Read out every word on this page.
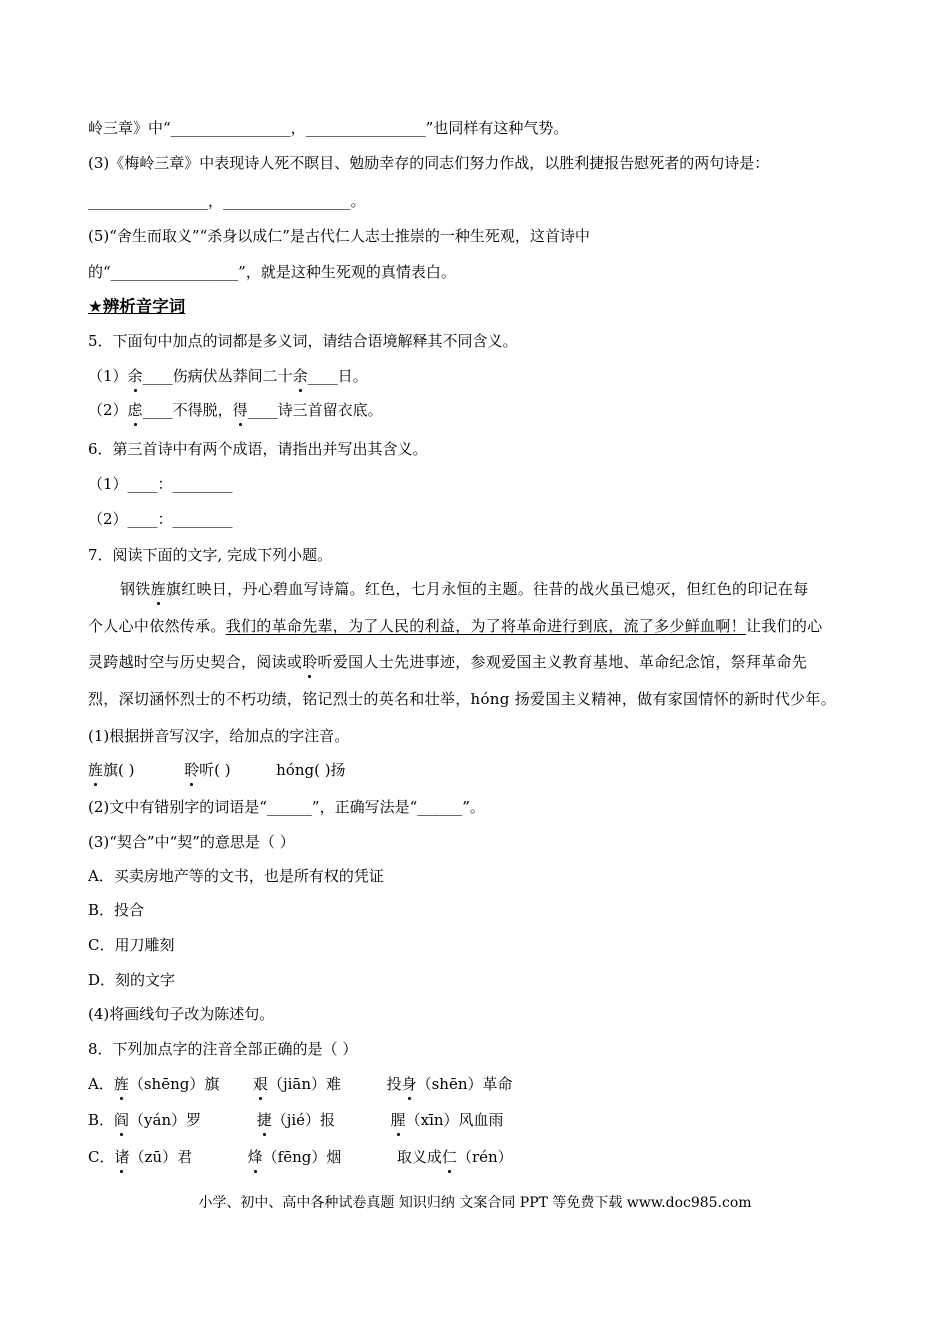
岭三章》中“________________，________________”也同样有这种气势。
(3)《梅岭三章》中表现诗人死不瞑目、勉励幸存的同志们努力作战，以胜利捷报告慰死者的两句诗是：
________________，_________________。
(5)“舍生而取义”“杀身以成仁”是古代仁人志士推崇的一种生死观，这首诗中
的“_________________”，就是这种生死观的真情表白。
★辨析音字词
5．下面句中加点的词都是多义词，请结合语境解释其不同含义。
（1）余____伤病伏丛莽间二十余____日。
（2）虑____不得脱，得____诗三首留衣底。
6．第三首诗中有两个成语，请指出并写出其含义。
（1）____：________
（2）____：________
7．阅读下面的文字, 完成下列小题。
钢铁旌旗红映日，丹心碧血写诗篇。红色，七月永恒的主题。往昔的战火虽已熄灭，但红色的印记在每
个人心中依然传承。我们的革命先辈，为了人民的利益，为了将革命进行到底，流了多少鲜血啊！让我们的心
灵跨越时空与历史契合，阅读或聆听爱国人士先进事迹，参观爱国主义教育基地、革命纪念馆，祭拜革命先
烈，深切涵怀烈士的不朽功绩，铭记烈士的英名和壮举，hóng 扬爱国主义精神，做有家国情怀的新时代少年。
(1)根据拼音写汉字，给加点的字注音。
旌旗( )	聆听( )	hóng( )扬
(2)文中有错别字的词语是“______”，正确写法是“______”。
(3)“契合”中“契”的意思是（ ）
A．买卖房地产等的文书，也是所有权的凭证
B．投合
C．用刀雕刻
D．刻的文字
(4)将画线句子改为陈述句。
8．下列加点字的注音全部正确的是（ ）
A．旌（shēng）旗 艰（jiān）难	投身（shēn）革命
B．阎（yán）罗	捷（jié）报	腥（xīn）风血雨
C．诸（zū）君	烽（fēng）烟	取义成仁（rén）
小学、初中、高中各种试卷真题 知识归纳 文案合同 PPT 等免费下载 www.doc985.com
